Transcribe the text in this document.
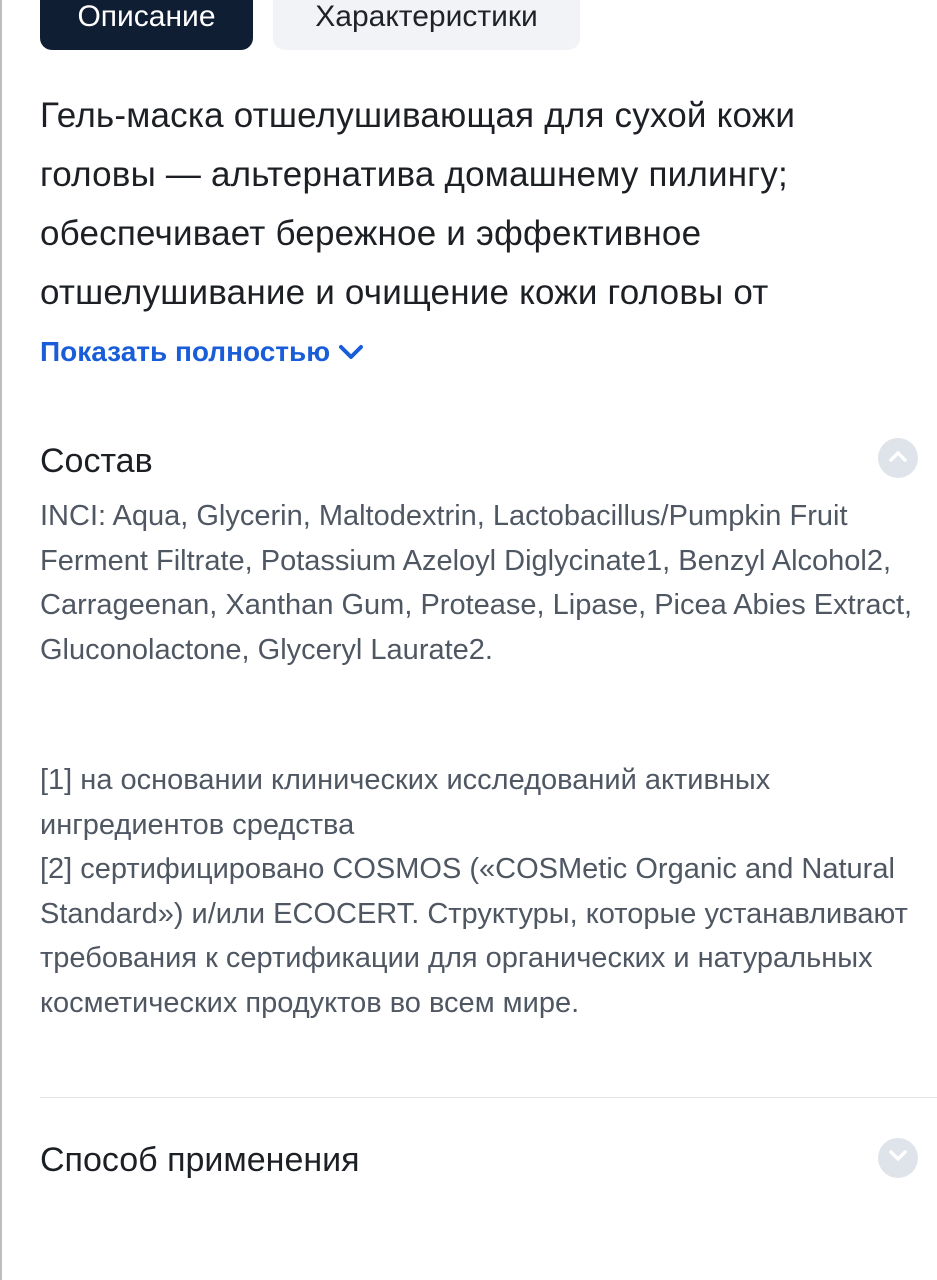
Описание	Характеристики
Гель-маска отшелушивающая для сухой кожи головы — альтернатива домашнему пилингу; обеспечивает бережное и эффективное отшелушивание и очищение кожи головы от
Показать полностью
Состав
INCI: Aqua, Glycerin, Maltodextrin, Lactobacillus/Pumpkin Fruit Ferment Filtrate, Potassium Azeloyl Diglycinate1, Benzyl Alcohol2, Carrageenan, Xanthan Gum, Protease, Lipase, Picea Abies Extract, Gluconolactone, Glyceryl Laurate2.

[1] на основании клинических исследований активных ингредиентов средства

[2] сертифицировано COSMOS («COSMetic Organic and Natural Standard») и/или ECOCERT. Структуры, которые устанавливают требования к сертификации для органических и натуральных косметических продуктов во всем мире.

Способ применения
